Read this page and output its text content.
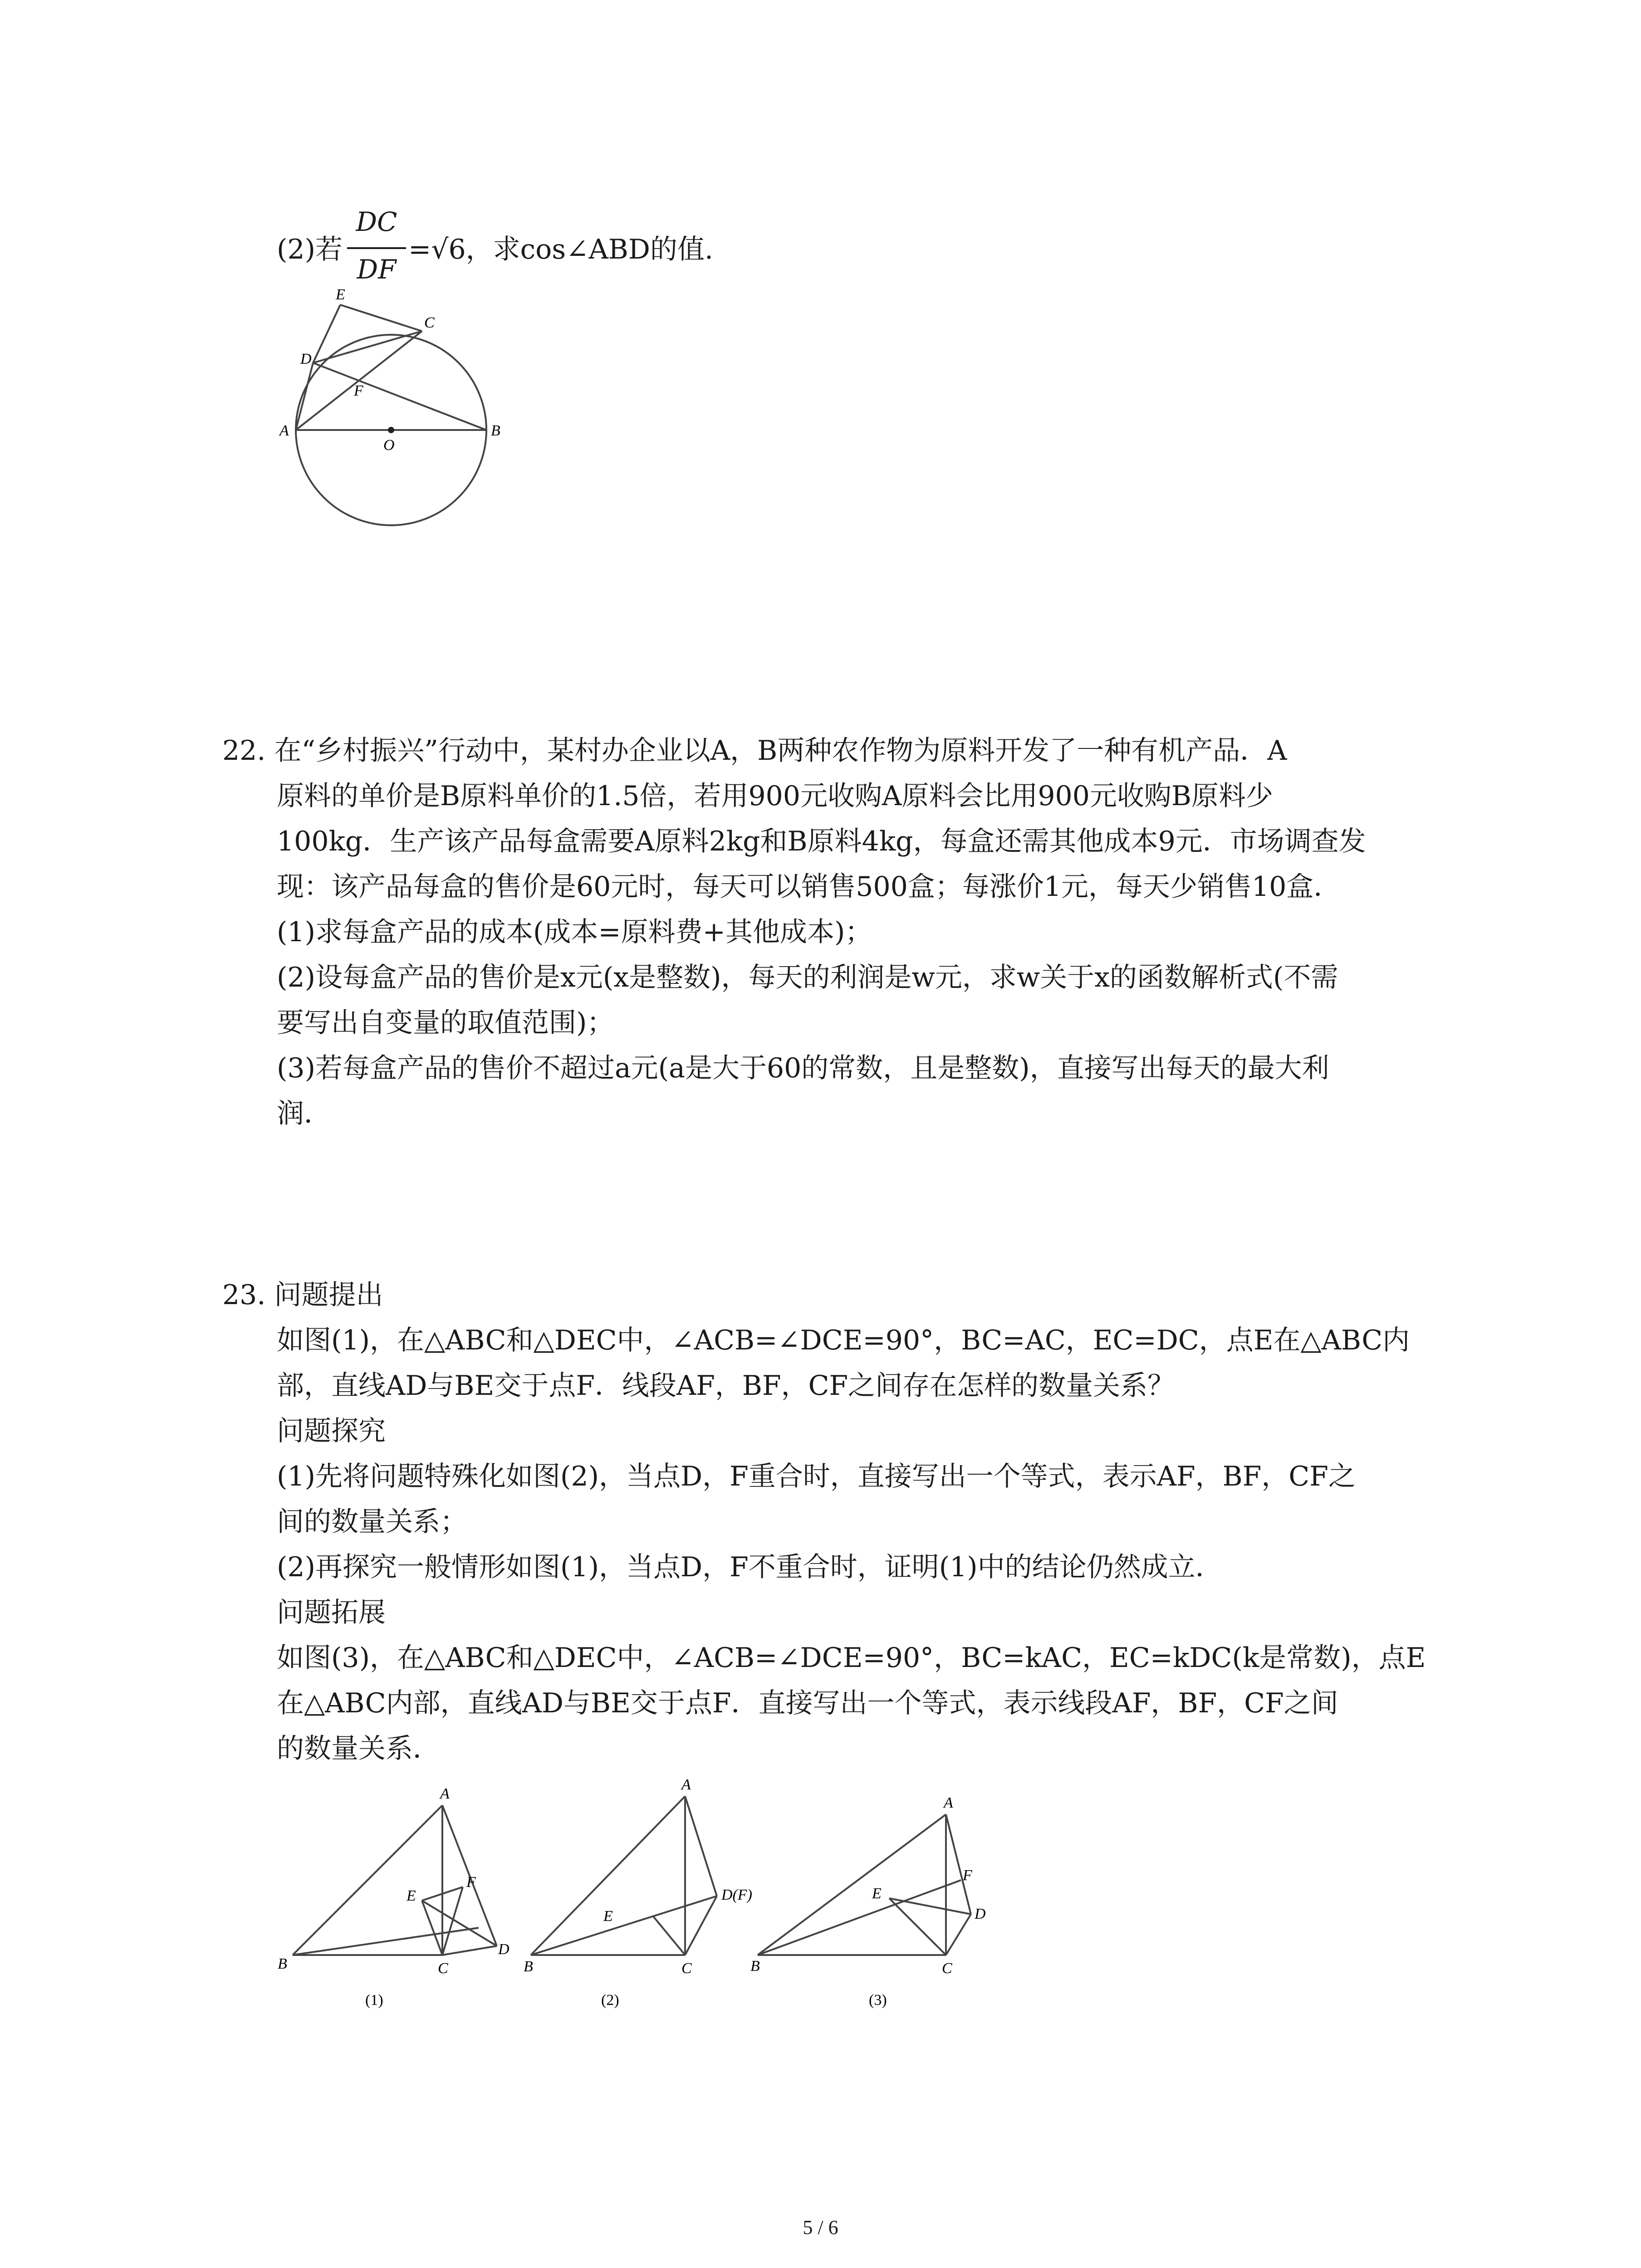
(2)若
DC
DF
=√6，求cos∠ABD的值.
E
C
D
F
A
O
B
22. 在“乡村振兴”行动中，某村办企业以A，B两种农作物为原料开发了一种有机产品．A
原料的单价是B原料单价的1.5倍，若用900元收购A原料会比用900元收购B原料少
100kg．生产该产品每盒需要A原料2kg和B原料4kg，每盒还需其他成本9元．市场调查发
现：该产品每盒的售价是60元时，每天可以销售500盒；每涨价1元，每天少销售10盒．
(1)求每盒产品的成本(成本=原料费+其他成本)；
(2)设每盒产品的售价是x元(x是整数)，每天的利润是w元，求w关于x的函数解析式(不需
要写出自变量的取值范围)；
(3)若每盒产品的售价不超过a元(a是大于60的常数，且是整数)，直接写出每天的最大利
润．
23. 问题提出
如图(1)，在△ABC和△DEC中，∠ACB=∠DCE=90°，BC=AC，EC=DC，点E在△ABC内
部，直线AD与BE交于点F．线段AF，BF，CF之间存在怎样的数量关系？
问题探究
(1)先将问题特殊化如图(2)，当点D，F重合时，直接写出一个等式，表示AF，BF，CF之
间的数量关系；
(2)再探究一般情形如图(1)，当点D，F不重合时，证明(1)中的结论仍然成立．
问题拓展
如图(3)，在△ABC和△DEC中，∠ACB=∠DCE=90°，BC=kAC，EC=kDC(k是常数)，点E
在△ABC内部，直线AD与BE交于点F．直接写出一个等式，表示线段AF，BF，CF之间
的数量关系．
A
F
E
B	C
D
(1)
A
D(F)
E
B	C
(2)
A
F
E
D
B	C
(3)
5 / 6
